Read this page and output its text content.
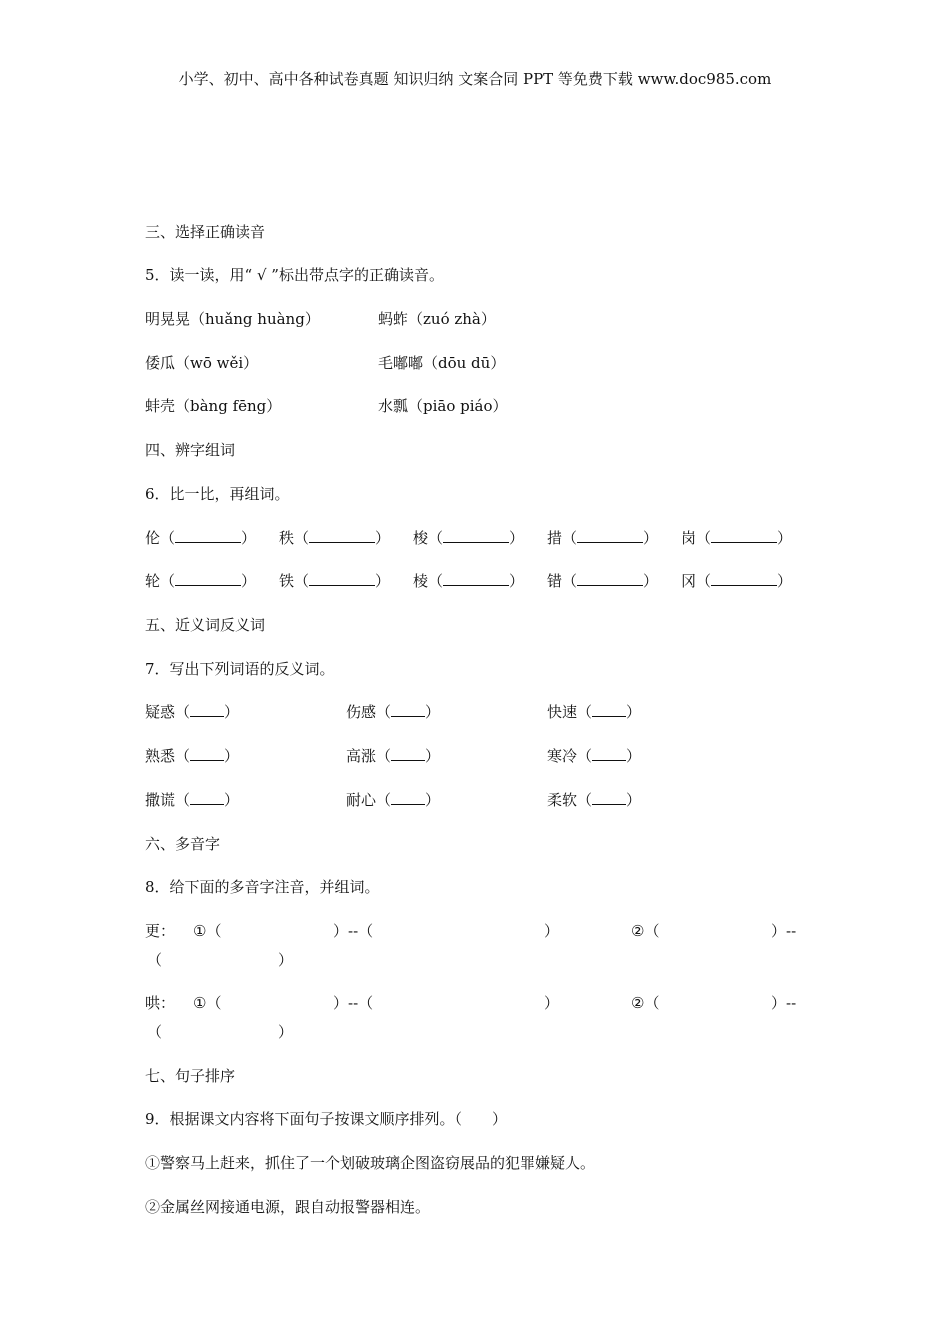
小学、初中、高中各种试卷真题 知识归纳 文案合同 PPT 等免费下载 www.doc985.com
三、选择正确读音
5．读一读，用“ √ ”标出带点字的正确读音。
明晃晃（huǎng huàng）	蚂蚱（zuó zhà）
倭瓜（wō wěi）	毛嘟嘟（dōu dū）
蚌壳（bàng fēng）	水瓢（piāo piáo）
四、辨字组词
6．比一比，再组词。
伦（	） 秩（	） 梭（	） 措（	） 岗（	）
轮（	） 铁（	） 棱（	） 错（	） 冈（	）
五、近义词反义词
7．写出下列词语的反义词。
疑惑（ ）	伤感（ ）	快速（ ）
熟悉（ ）	高涨（ ）	寒冷（ ）
撒谎（ ）	耐心（ ）	柔软（ ）
六、多音字
8．给下面的多音字注音，并组词。
更： ①（	）--（	）	②（	）--
（	）
哄： ①（	）--（	）	②（	）--
（	）
七、句子排序
9．根据课文内容将下面句子按课文顺序排列。（　　）
①警察马上赶来，抓住了一个划破玻璃企图盗窃展品的犯罪嫌疑人。
②金属丝网接通电源，跟自动报警器相连。
